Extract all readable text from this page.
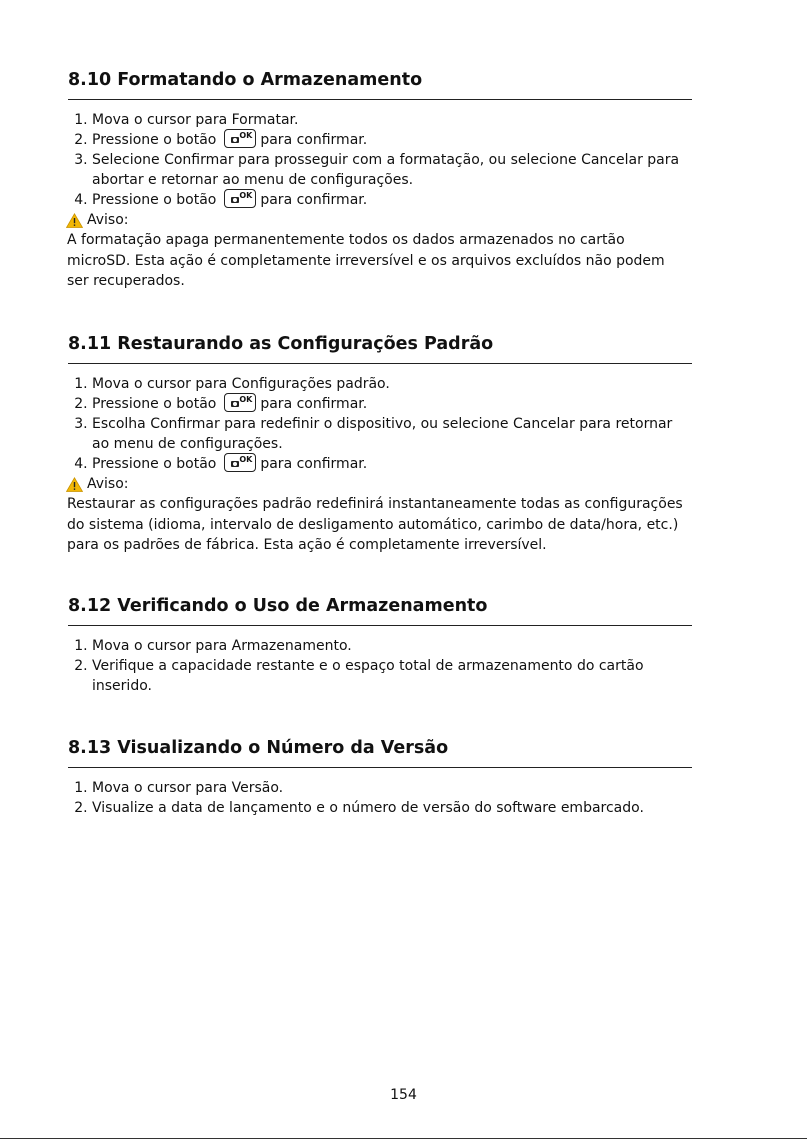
8.10 Formatando o Armazenamento
1. Mova o cursor para Formatar.
2. Pressione o botão	OK para confirmar.
3. Selecione Confirmar para prosseguir com a formatação, ou selecione Cancelar para abortar e retornar ao menu de configurações.
4. Pressione o botão	OK para confirmar.
Aviso:

A formatação apaga permanentemente todos os dados armazenados no cartão microSD. Esta ação é completamente irreversível e os arquivos excluídos não podem ser recuperados.

8.11 Restaurando as Configurações Padrão
1. Mova o cursor para Configurações padrão.
2. Pressione o botão	OK para confirmar.
3. Escolha Confirmar para redefinir o dispositivo, ou selecione Cancelar para retornar ao menu de configurações.
4. Pressione o botão	OK para confirmar.
Aviso:

Restaurar as configurações padrão redefinirá instantaneamente todas as configurações do sistema (idioma, intervalo de desligamento automático, carimbo de data/hora, etc.) para os padrões de fábrica. Esta ação é completamente irreversível.

8.12 Verificando o Uso de Armazenamento
1. Mova o cursor para Armazenamento.
2. Verifique a capacidade restante e o espaço total de armazenamento do cartão inserido.
8.13 Visualizando o Número da Versão
1. Mova o cursor para Versão.
2. Visualize a data de lançamento e o número de versão do software embarcado.
154
